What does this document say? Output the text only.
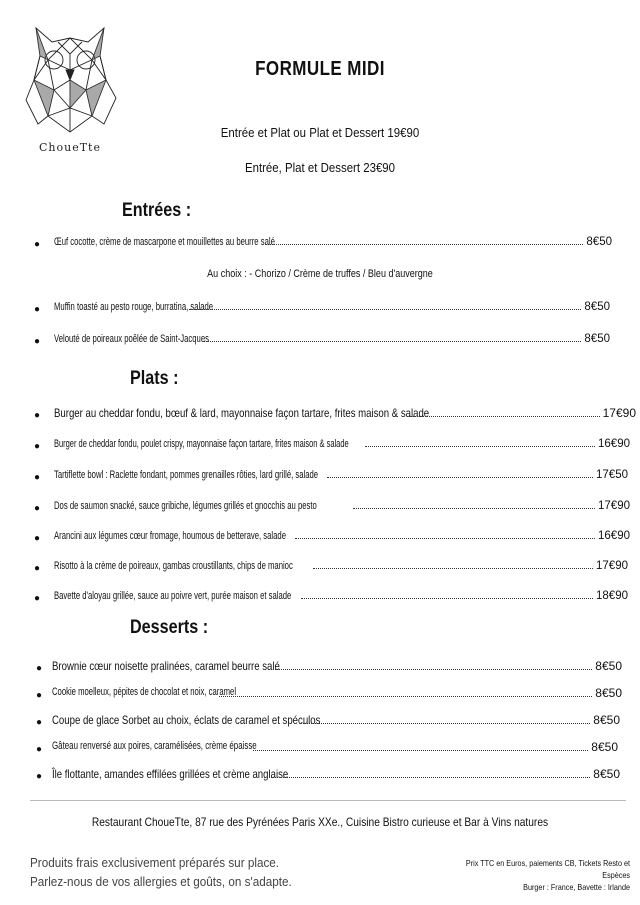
ChoueTte
FORMULE MIDI
Entrée et Plat ou Plat et Dessert 19€90
Entrée, Plat et Dessert 23€90
Entrées :
● Œuf cocotte, crème de mascarpone et mouillettes au beurre salé	8€50
Au choix : - Chorizo / Crème de truffes / Bleu d'auvergne
● Muffin toasté au pesto rouge, burratina, salade	8€50
● Velouté de poireaux poêlée de Saint-Jacques	8€50
Plats :
● Burger au cheddar fondu, bœuf & lard, mayonnaise façon tartare, frites maison & salade	17€90
● Burger de cheddar fondu, poulet crispy, mayonnaise façon tartare, frites maison & salade	16€90
● Tartiflette bowl : Raclette fondant, pommes grenailles rôties, lard grillé, salade	17€50
● Dos de saumon snacké, sauce gribiche, légumes grillés et gnocchis au pesto	17€90
● Arancini aux légumes cœur fromage, houmous de betterave, salade	16€90
● Risotto à la crème de poireaux, gambas croustillants, chips de manioc	17€90
● Bavette d'aloyau grillée, sauce au poivre vert, purée maison et salade	18€90
Desserts :
● Brownie cœur noisette pralinées, caramel beurre salé	8€50
● Cookie moelleux, pépites de chocolat et noix, caramel	8€50
● Coupe de glace Sorbet au choix, éclats de caramel et spéculos	8€50
● Gâteau renversé aux poires, caramélisées, crème épaisse	8€50
● Île flottante, amandes effilées grillées et crème anglaise	8€50
Restaurant ChoueTte, 87 rue des Pyrénées Paris XXe., Cuisine Bistro curieuse et Bar à Vins natures
Produits frais exclusivement préparés sur place.
Parlez-nous de vos allergies et goûts, on s'adapte.
Prix TTC en Euros, paiements CB, Tickets Resto et Espèces
Burger : France, Bavette : Irlande
